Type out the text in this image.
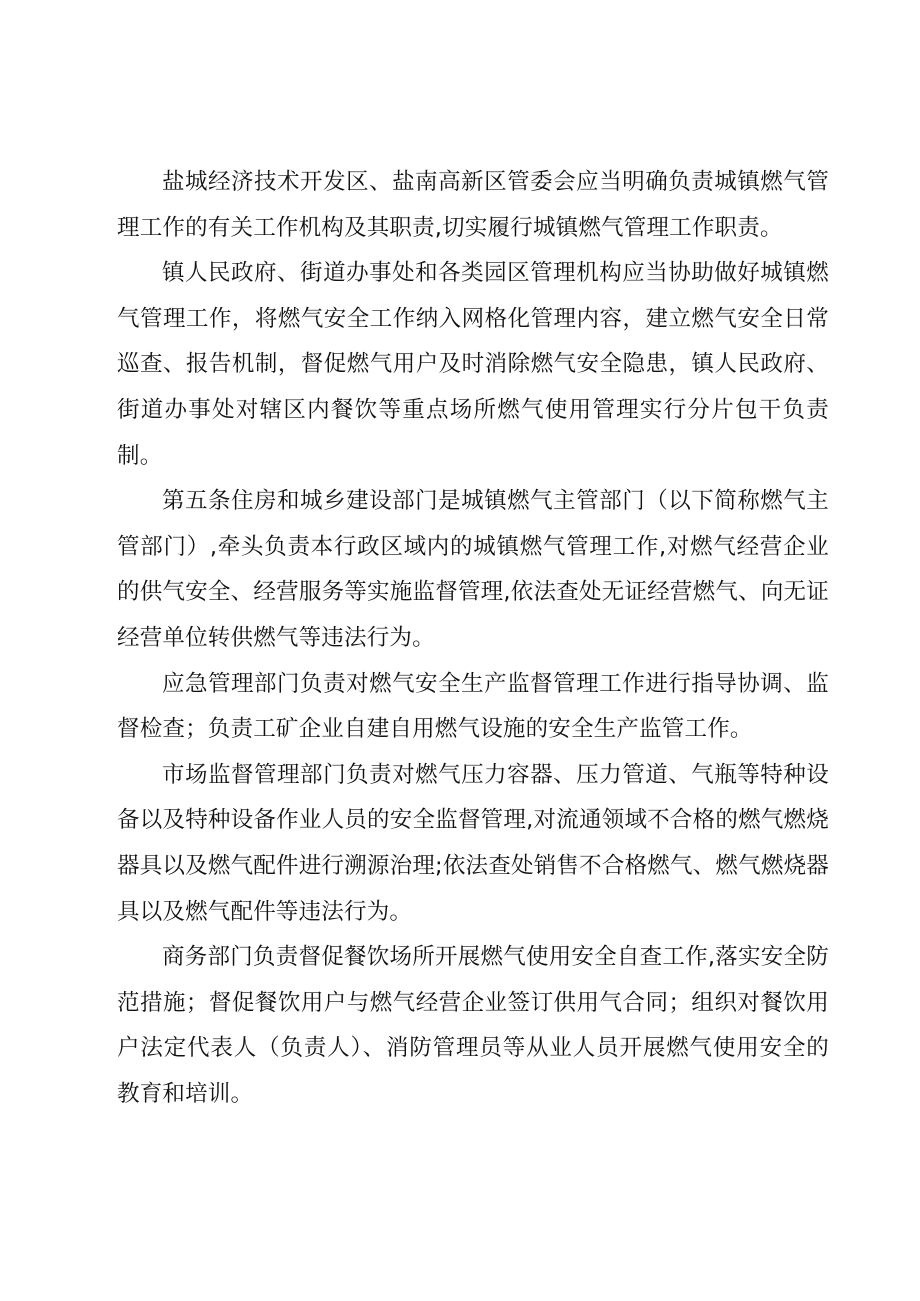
盐城经济技术开发区、盐南高新区管委会应当明确负责城镇燃气管理工作的有关工作机构及其职责,切实履行城镇燃气管理工作职责。

镇人民政府、街道办事处和各类园区管理机构应当协助做好城镇燃气管理工作，将燃气安全工作纳入网格化管理内容，建立燃气安全日常巡查、报告机制，督促燃气用户及时消除燃气安全隐患，镇人民政府、街道办事处对辖区内餐饮等重点场所燃气使用管理实行分片包干负责制。

第五条住房和城乡建设部门是城镇燃气主管部门（以下简称燃气主管部门）,牵头负责本行政区域内的城镇燃气管理工作,对燃气经营企业的供气安全、经营服务等实施监督管理,依法查处无证经营燃气、向无证经营单位转供燃气等违法行为。

应急管理部门负责对燃气安全生产监督管理工作进行指导协调、监督检查；负责工矿企业自建自用燃气设施的安全生产监管工作。

市场监督管理部门负责对燃气压力容器、压力管道、气瓶等特种设备以及特种设备作业人员的安全监督管理,对流通领域不合格的燃气燃烧器具以及燃气配件进行溯源治理;依法查处销售不合格燃气、燃气燃烧器具以及燃气配件等违法行为。

商务部门负责督促餐饮场所开展燃气使用安全自查工作,落实安全防范措施；督促餐饮用户与燃气经营企业签订供用气合同；组织对餐饮用户法定代表人（负责人）、消防管理员等从业人员开展燃气使用安全的教育和培训。
